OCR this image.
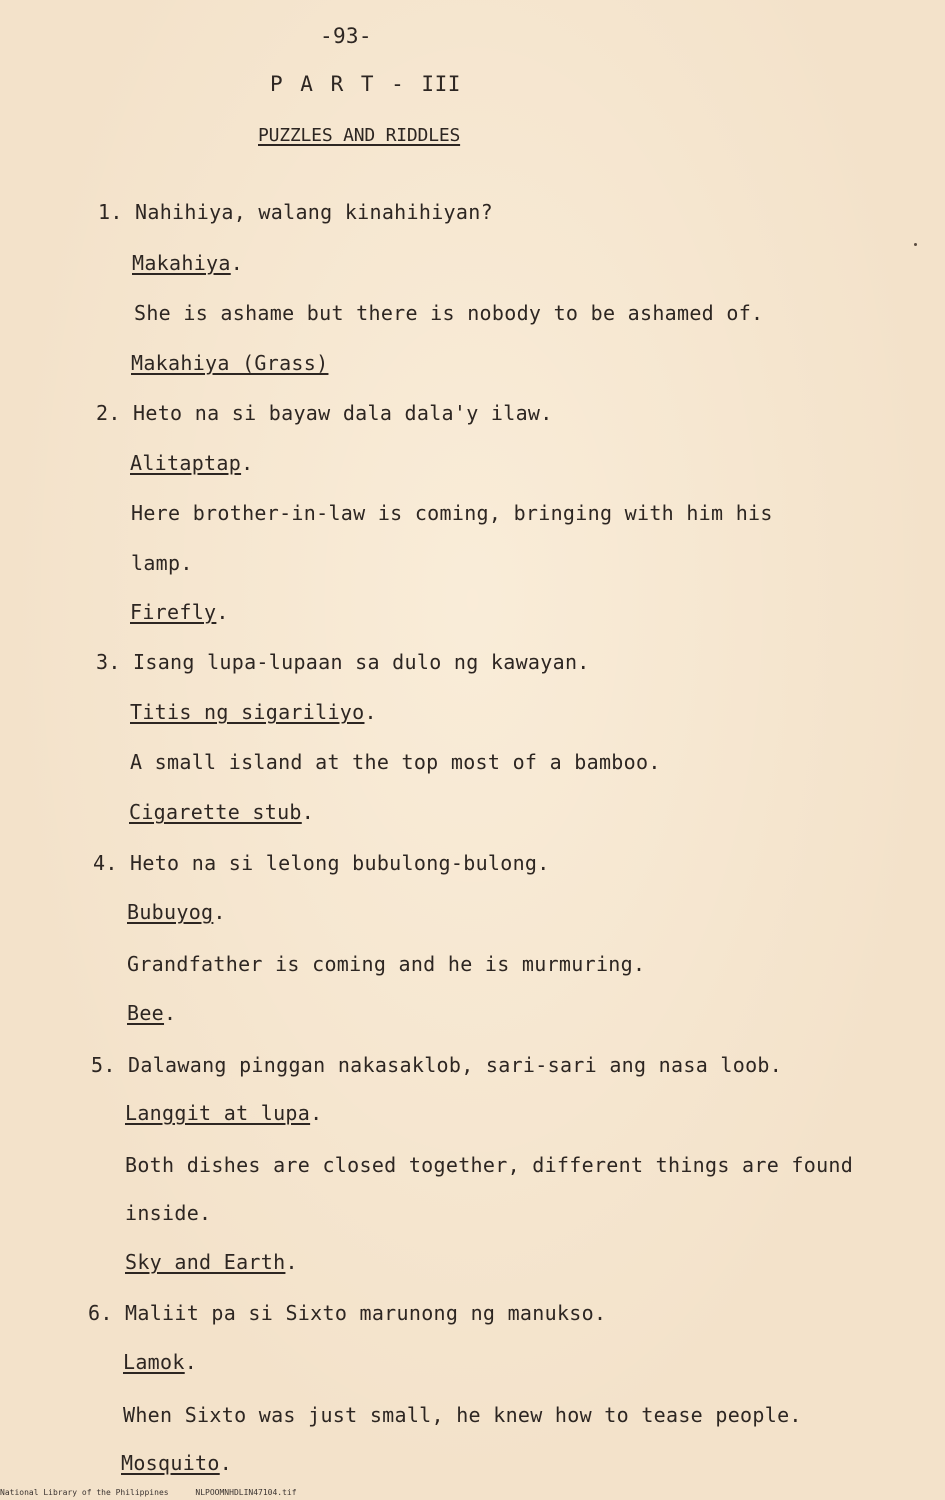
-93-
P A R T - III
PUZZLES AND RIDDLES
1. Nahihiya, walang kinahihiyan?
Makahiya.
She is ashame but there is nobody to be ashamed of.
Makahiya (Grass)
2. Heto na si bayaw dala dala'y ilaw.
Alitaptap.
Here brother-in-law is coming, bringing with him his
lamp.
Firefly.
3. Isang lupa-lupaan sa dulo ng kawayan.
Titis ng sigariliyo.
A small island at the top most of a bamboo.
Cigarette stub.
4. Heto na si lelong bubulong-bulong.
Bubuyog.
Grandfather is coming and he is murmuring.
Bee.
5. Dalawang pinggan nakasaklob, sari-sari ang nasa loob.
Langgit at lupa.
Both dishes are closed together, different things are found
inside.
Sky and Earth.
6. Maliit pa si Sixto marunong ng manukso.
Lamok.
When Sixto was just small, he knew how to tease people.
Mosquito.
National Library of the Philippines	NLPOOMNHDLIN47104.tif
